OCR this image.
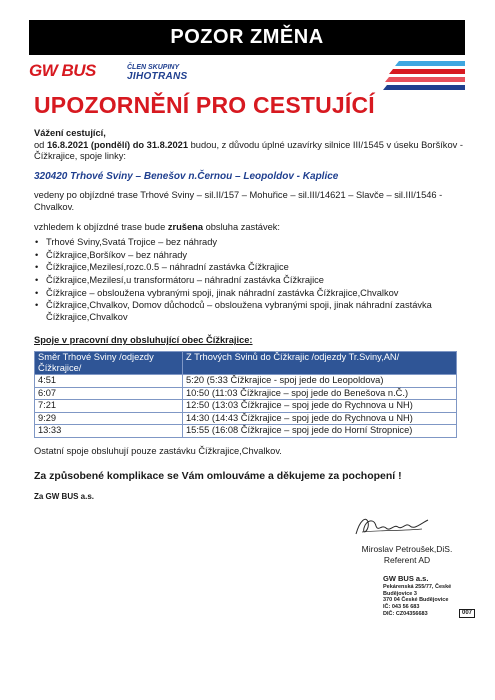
POZOR ZMĚNA
GW BUS	ČLEN SKUPINY
JIHOTRANS
UPOZORNĚNÍ PRO CESTUJÍCÍ
Vážení cestující,
od 16.8.2021 (pondělí) do 31.8.2021 budou, z důvodu úplné uzavírky silnice III/1545 v úseku Boršíkov - Čížkrajice, spoje linky:
320420 Trhové Sviny – Benešov n.Černou – Leopoldov - Kaplice
vedeny po objízdné trase Trhové Sviny – sil.II/157 – Mohuřice – sil.III/14621 – Slavče – sil.III/1546 - Chvalkov.
vzhledem k objízdné trase bude zrušena obsluha zastávek:
• Trhové Sviny,Svatá Trojice – bez náhrady
• Čížkrajice,Boršíkov – bez náhrady
• Čížkrajice,Mezilesí,rozc.0.5 – náhradní zastávka Čížkrajice
• Čížkrajice,Mezilesí,u transformátoru – náhradní zastávka Čížkrajice
• Čížkrajice – obsloužena vybranými spoji, jinak náhradní zastávka Čížkrajice,Chvalkov
• Čížkrajice,Chvalkov, Domov důchodců – obsloužena vybranými spoji, jinak náhradní zastávka Čížkrajice,Chvalkov
Spoje v pracovní dny obsluhující obec Čížkrajice:
Směr Trhové Sviny /odjezdy Čížkrajice/	Z Trhových Svinů do Čížkrajic /odjezdy Tr.Sviny,AN/
4:51	5:20 (5:33 Čížkrajice - spoj jede do Leopoldova)
6:07	10:50 (11:03 Čížkrajice – spoj jede do Benešova n.Č.)
7:21	12:50 (13:03 Čížkrajice – spoj jede do Rychnova u NH)
9:29	14:30 (14:43 Čížkrajice – spoj jede do Rychnova u NH)
13:33	15:55 (16:08 Čížkrajice – spoj jede do Horní Stropnice)
Ostatní spoje obsluhují pouze zastávku Čížkrajice,Chvalkov.
Za způsobené komplikace se Vám omlouváme a děkujeme za pochopení !
Za GW BUS a.s.
Miroslav Petroušek,DiS.
Referent AD
GW BUS a.s.
Pekárenská 255/77, České Budějovice 3
370 04 České Budějovice
IČ: 043 56 683
DIČ: CZ04356683	007
